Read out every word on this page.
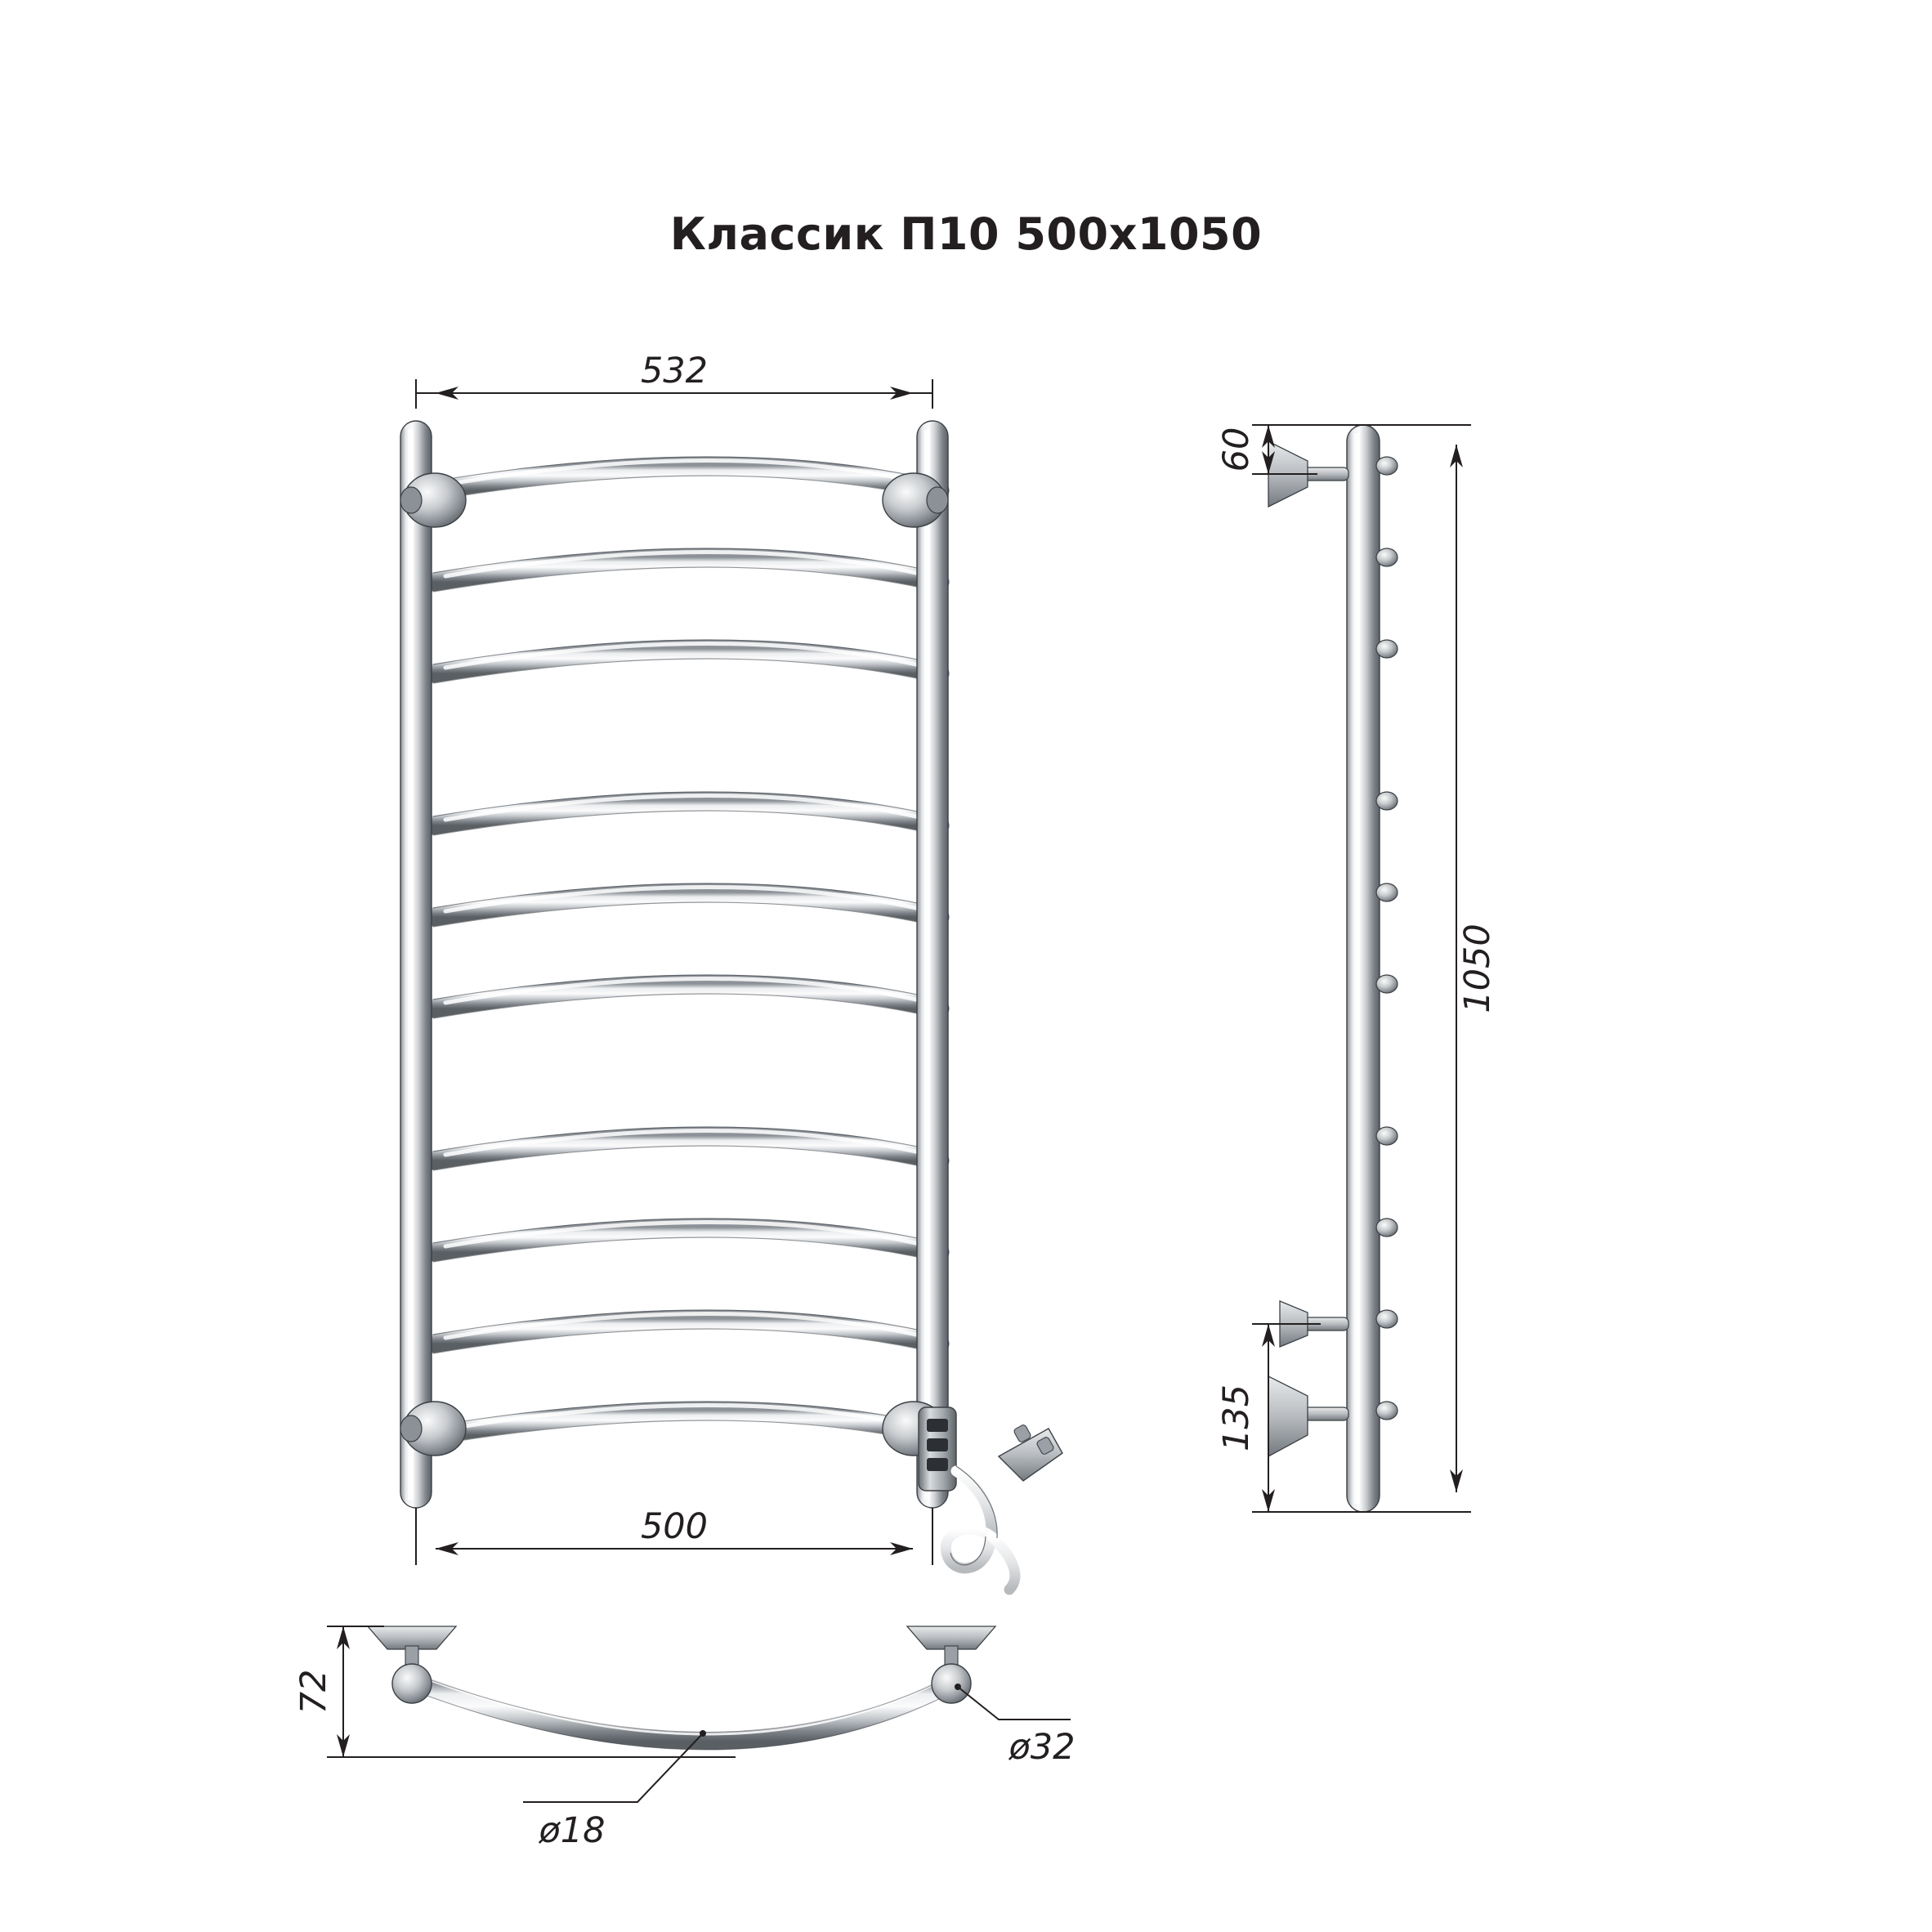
Классик П10 500х1050
532
500
60
1050
135
72
ø18
ø32
